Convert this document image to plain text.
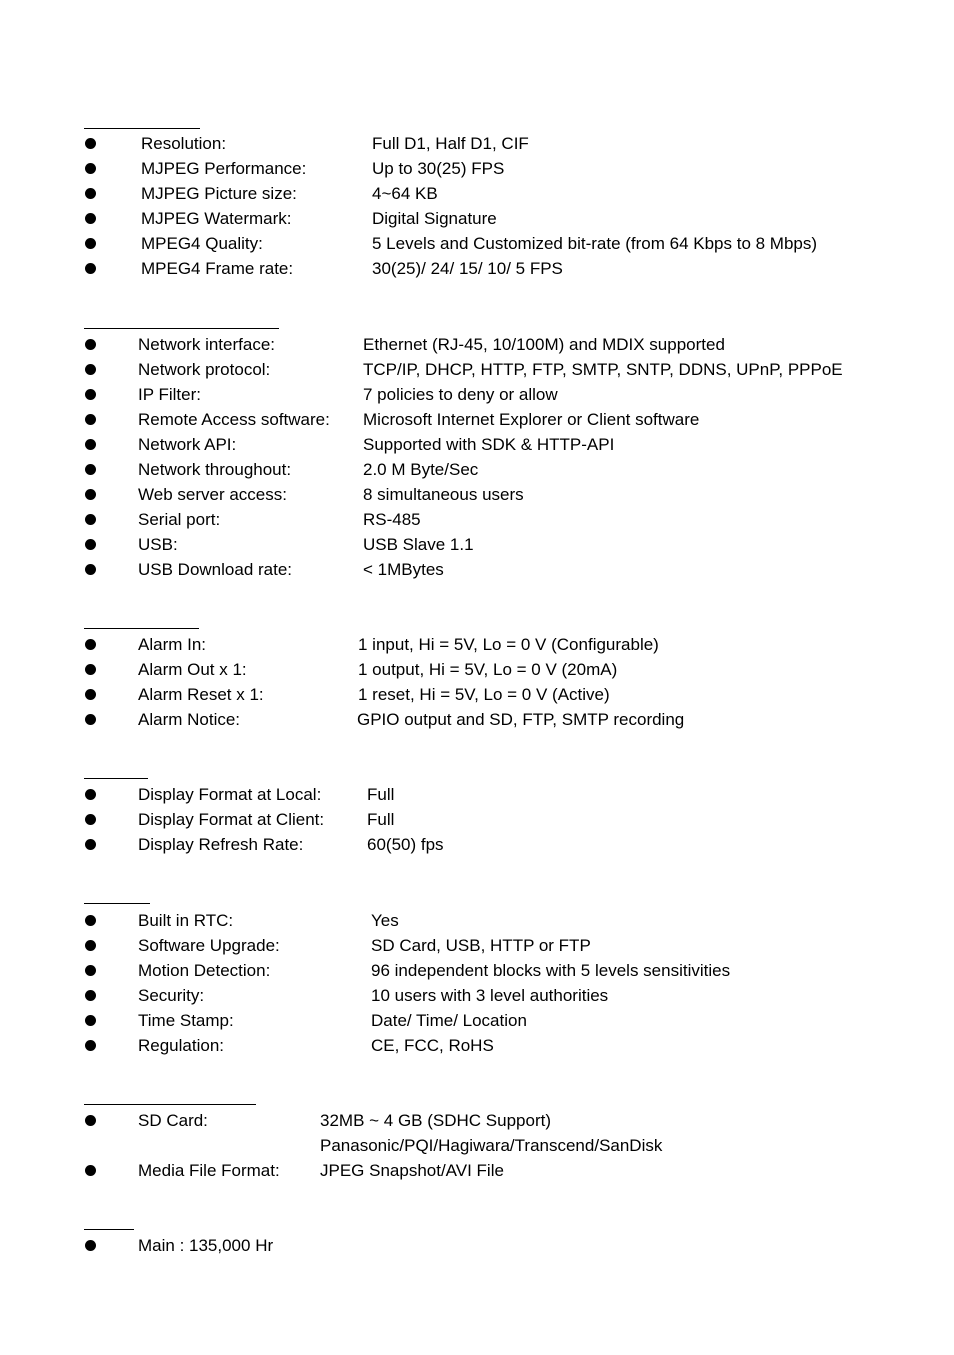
Resolution:	Full D1, Half D1, CIF
MJPEG Performance:	Up to 30(25) FPS
MJPEG Picture size:	4~64 KB
MJPEG Watermark:	Digital Signature
MPEG4 Quality:	5 Levels and Customized bit-rate (from 64 Kbps to 8 Mbps)
MPEG4 Frame rate:	30(25)/ 24/ 15/ 10/ 5 FPS
Network interface:	Ethernet (RJ-45, 10/100M) and MDIX supported
Network protocol:	TCP/IP, DHCP, HTTP, FTP, SMTP, SNTP, DDNS, UPnP, PPPoE
IP Filter:	7 policies to deny or allow
Remote Access software: Microsoft Internet Explorer or Client software
Network API:	Supported with SDK & HTTP-API
Network throughout:	2.0 M Byte/Sec
Web server access:	8 simultaneous users
Serial port:	RS-485
USB:	USB Slave 1.1
USB Download rate:	< 1MBytes
Alarm In:	1 input, Hi = 5V, Lo = 0 V (Configurable)
Alarm Out x 1:	1 output, Hi = 5V, Lo = 0 V (20mA)
Alarm Reset x 1:	1 reset, Hi = 5V, Lo = 0 V (Active)
Alarm Notice:	GPIO output and SD, FTP, SMTP recording
Display Format at Local:	Full
Display Format at Client:	Full
Display Refresh Rate:	60(50) fps
Built in RTC:	Yes
Software Upgrade:	SD Card, USB, HTTP or FTP
Motion Detection:	96 independent blocks with 5 levels sensitivities
Security:	10 users with 3 level authorities
Time Stamp:	Date/ Time/ Location
Regulation:	CE, FCC, RoHS
SD Card:	32MB ~ 4 GB (SDHC Support)
Panasonic/PQI/Hagiwara/Transcend/SanDisk
Media File Format: JPEG Snapshot/AVI File
Main : 135,000 Hr
